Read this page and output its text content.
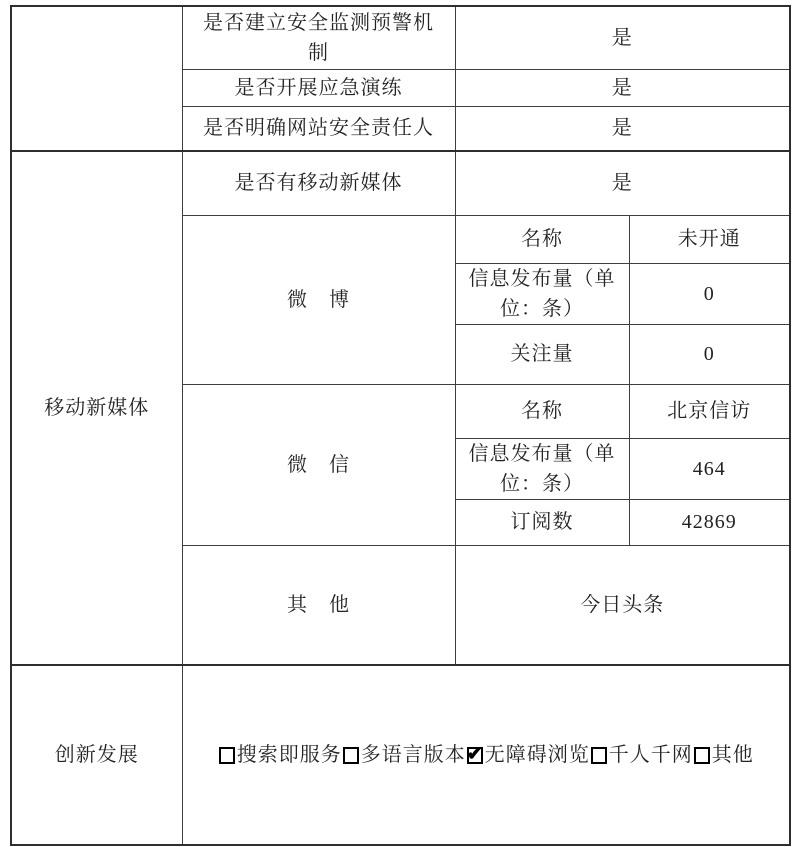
	是否建立安全监测预警机制	是	
	是否开展应急演练	是	
	是否明确网站安全责任人	是	
移动新媒体	是否有移动新媒体	是	
	微　博	名称	未开通
		信息发布量（单位：条）	0
		关注量	0
	微　信	名称	北京信访
		信息发布量（单位：条）	464
		订阅数	42869
	其　他	今日头条	
创新发展	搜索即服务 多语言版本 ✔ 无障碍浏览 千人千网 其他
